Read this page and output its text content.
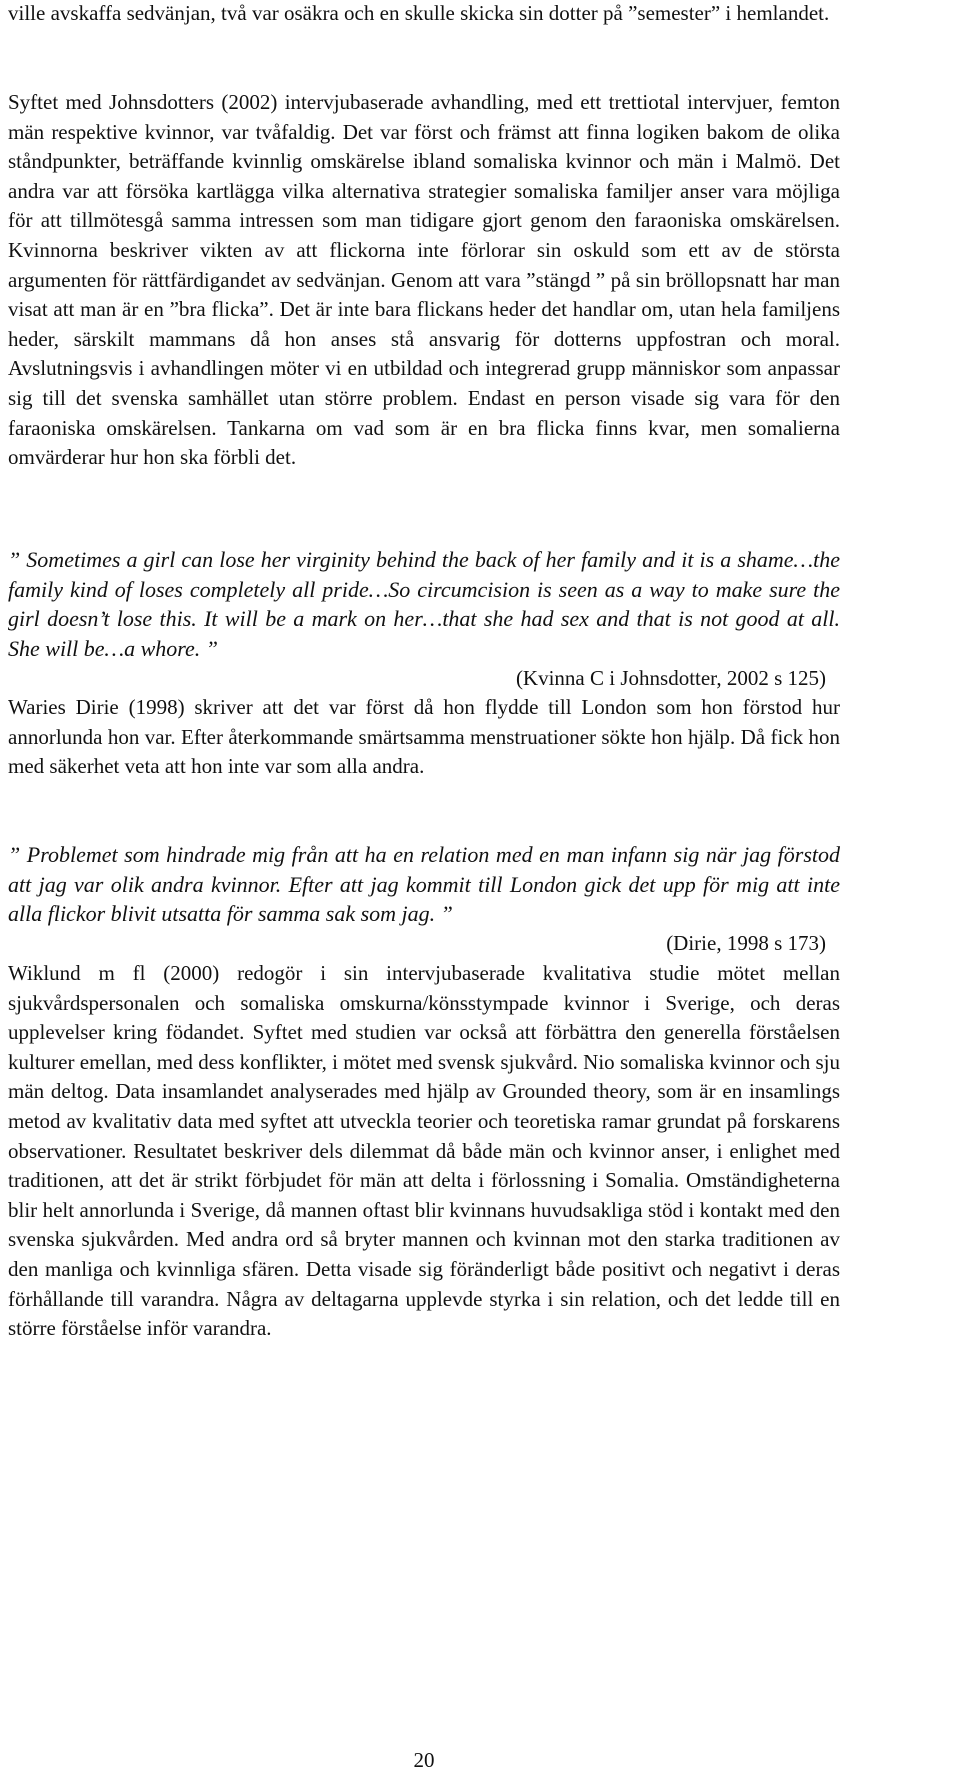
ville avskaffa sedvänjan, två var osäkra och en skulle skicka sin dotter på ”semester” i hemlandet.
Syftet med Johnsdotters (2002) intervjubaserade avhandling, med ett trettiotal intervjuer, femton män respektive kvinnor, var tvåfaldig. Det var först och främst att finna logiken bakom de olika ståndpunkter, beträffande kvinnlig omskärelse ibland somaliska kvinnor och män i Malmö. Det andra var att försöka kartlägga vilka alternativa strategier somaliska familjer anser vara möjliga för att tillmötesgå samma intressen som man tidigare gjort genom den faraoniska omskärelsen. Kvinnorna beskriver vikten av att flickorna inte förlorar sin oskuld som ett av de största argumenten för rättfärdigandet av sedvänjan. Genom att vara ”stängd ” på sin bröllopsnatt har man visat att man är en ”bra flicka”. Det är inte bara flickans heder det handlar om, utan hela familjens heder, särskilt mammans då hon anses stå ansvarig för dotterns uppfostran och moral. Avslutningsvis i avhandlingen möter vi en utbildad och integrerad grupp människor som anpassar sig till det svenska samhället utan större problem. Endast en person visade sig vara för den faraoniska omskärelsen. Tankarna om vad som är en bra flicka finns kvar, men somalierna omvärderar hur hon ska förbli det.
” Sometimes a girl can lose her virginity behind the back of her family and it is a shame…the family kind of loses completely all pride…So circumcision is seen as a way to make sure the girl doesn’t lose this. It will be a mark on her…that she had sex and that is not good at all. She will be…a whore. ”
(Kvinna C i Johnsdotter, 2002 s 125)
Waries Dirie (1998) skriver att det var först då hon flydde till London som hon förstod hur annorlunda hon var. Efter återkommande smärtsamma menstruationer sökte hon hjälp. Då fick hon med säkerhet veta att hon inte var som alla andra.
” Problemet som hindrade mig från att ha en relation med en man infann sig när jag förstod att jag var olik andra kvinnor. Efter att jag kommit till London gick det upp för mig att inte alla flickor blivit utsatta för samma sak som jag. ”
(Dirie, 1998 s 173)
Wiklund m fl (2000) redogör i sin intervjubaserade kvalitativa studie mötet mellan sjukvårdspersonalen och somaliska omskurna/könsstympade kvinnor i Sverige, och deras upplevelser kring födandet. Syftet med studien var också att förbättra den generella förståelsen kulturer emellan, med dess konflikter, i mötet med svensk sjukvård. Nio somaliska kvinnor och sju män deltog. Data insamlandet analyserades med hjälp av Grounded theory, som är en insamlings metod av kvalitativ data med syftet att utveckla teorier och teoretiska ramar grundat på forskarens observationer. Resultatet beskriver dels dilemmat då både män och kvinnor anser, i enlighet med traditionen, att det är strikt förbjudet för män att delta i förlossning i Somalia. Omständigheterna blir helt annorlunda i Sverige, då mannen oftast blir kvinnans huvudsakliga stöd i kontakt med den svenska sjukvården. Med andra ord så bryter mannen och kvinnan mot den starka traditionen av den manliga och kvinnliga sfären. Detta visade sig föränderligt både positivt och negativt i deras förhållande till varandra. Några av deltagarna upplevde styrka i sin relation, och det ledde till en större förståelse inför varandra.
20
